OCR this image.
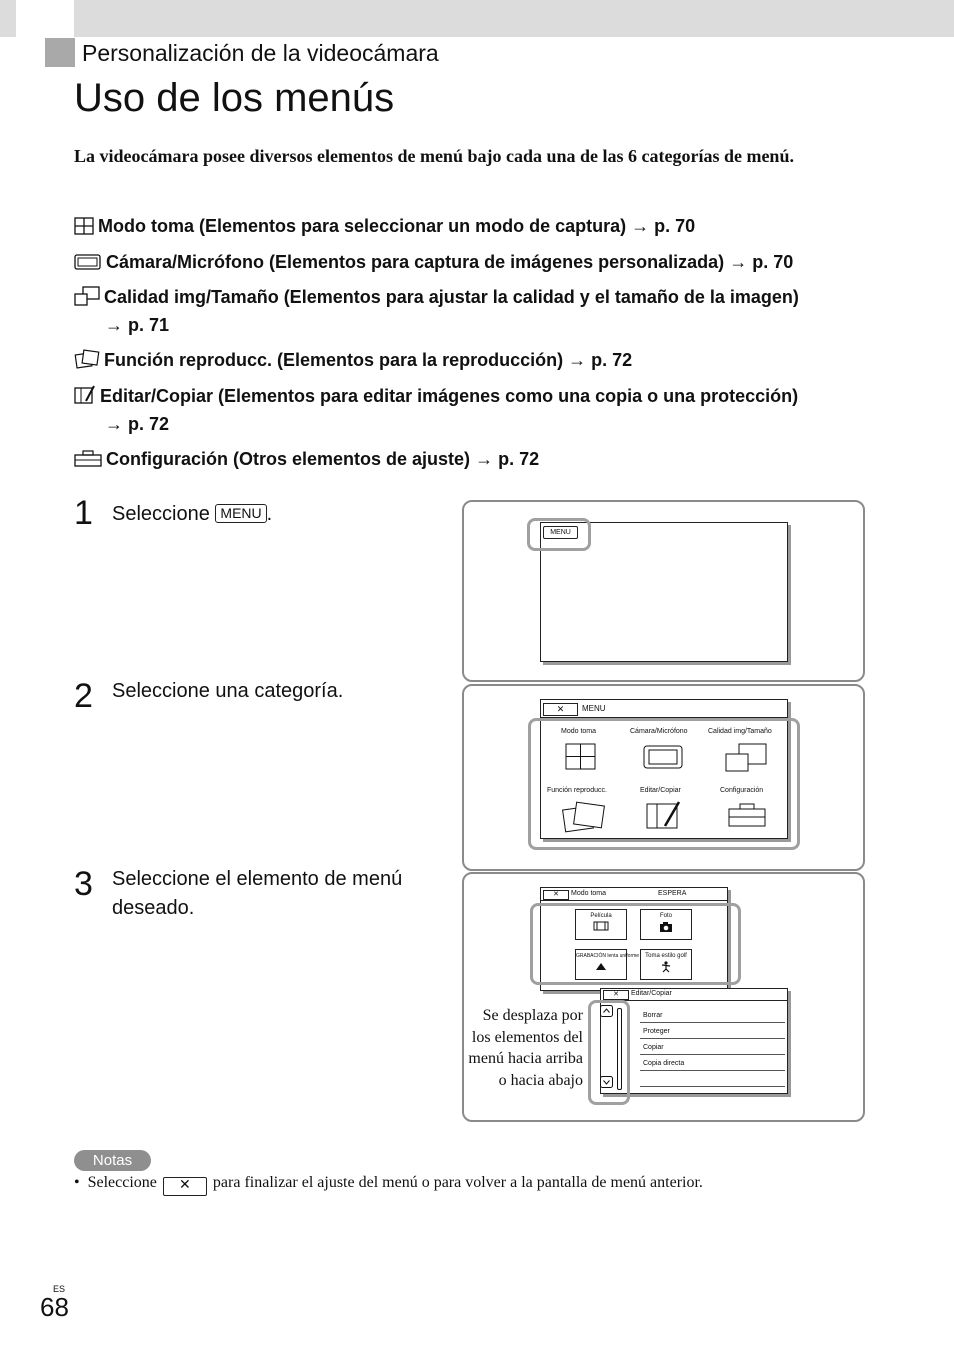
Personalización de la videocámara
Uso de los menús
La videocámara posee diversos elementos de menú bajo cada una de las 6 categorías de menú.
Modo toma (Elementos para seleccionar un modo de captura) → p. 70
Cámara/Micrófono (Elementos para captura de imágenes personalizada) → p. 70
Calidad img/Tamaño (Elementos para ajustar la calidad y el tamaño de la imagen)
→ p. 71
Función reproducc. (Elementos para la reproducción) → p. 72
Editar/Copiar (Elementos para editar imágenes como una copia o una protección)
→ p. 72
Configuración (Otros elementos de ajuste) → p. 72
1 Seleccione MENU .
2 Seleccione una categoría.
3 Seleccione el elemento de menú deseado.
MENU
✕	MENU
Modo toma	Cámara/Micrófono	Calidad img/Tamaño
Función reproducc.	Editar/Copiar	Configuración
✕	Modo toma	ESPERA
Película	Foto
GRABACIÓN lenta uniforme	Toma estilo golf
✕	Editar/Copiar
Borrar
Proteger
Copiar
Copia directa
Se desplaza por los elementos del menú hacia arriba o hacia abajo
Notas
• Seleccione ✕ para finalizar el ajuste del menú o para volver a la pantalla de menú anterior.
ES
68
